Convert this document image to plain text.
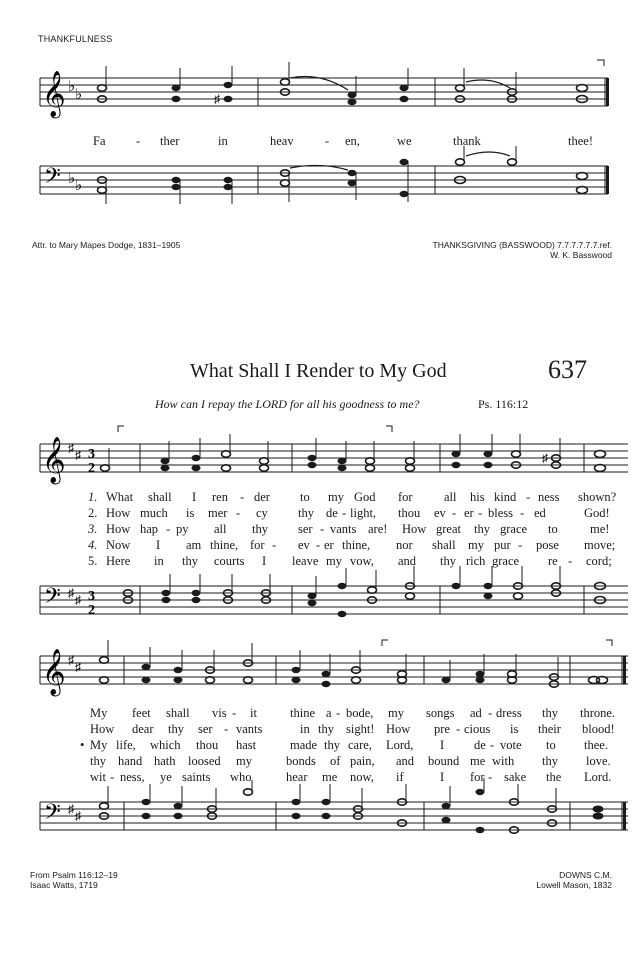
THANKFULNESS
𝄞 ♭ ♭	♯
Fa - ther	in	heav	- en,	we	thank	thee!
𝄢 ♭ ♭
Attr. to Mary Mapes Dodge, 1831–1905	THANKSGIVING (BASSWOOD) 7.7.7.7.7.7.ref.
W. K. Basswood
What Shall I Render to My God	637
How can I repay the LORD for all his goodness to me?	Ps. 116:12
𝄞 ♯ ♯ 3
2
♯
1. What shall I ren - der to my God for	all his kind - ness shown?
2. How much is mer - cy thy de - light, thou ev - er - bless - ed	God!
3. How hap - py all thy ser - vants are! How great thy grace to	me!
4. Now I am thine, for - ev - er thine, nor shall my pur - pose move;
5. Here in thy courts I leave my vow, and thy rich grace re - cord;
𝄢 ♯ ♯ 3
2
𝄞 ♯ ♯
My feet shall vis - it	thine a - bode, my songs ad - dress thy throne.
How dear thy ser - vants	in thy sight! How pre - cious is their blood!
• My life, which thou hast	made thy care, Lord, I de - vote to thee.
thy hand hath loosed my	bonds of pain, and bound me with thy love.
wit - ness, ye saints who	hear me now, if	I for - sake the Lord.
𝄢 ♯ ♯
From Psalm 116:12–19
Isaac Watts, 1719
DOWNS C.M.
Lowell Mason, 1832
